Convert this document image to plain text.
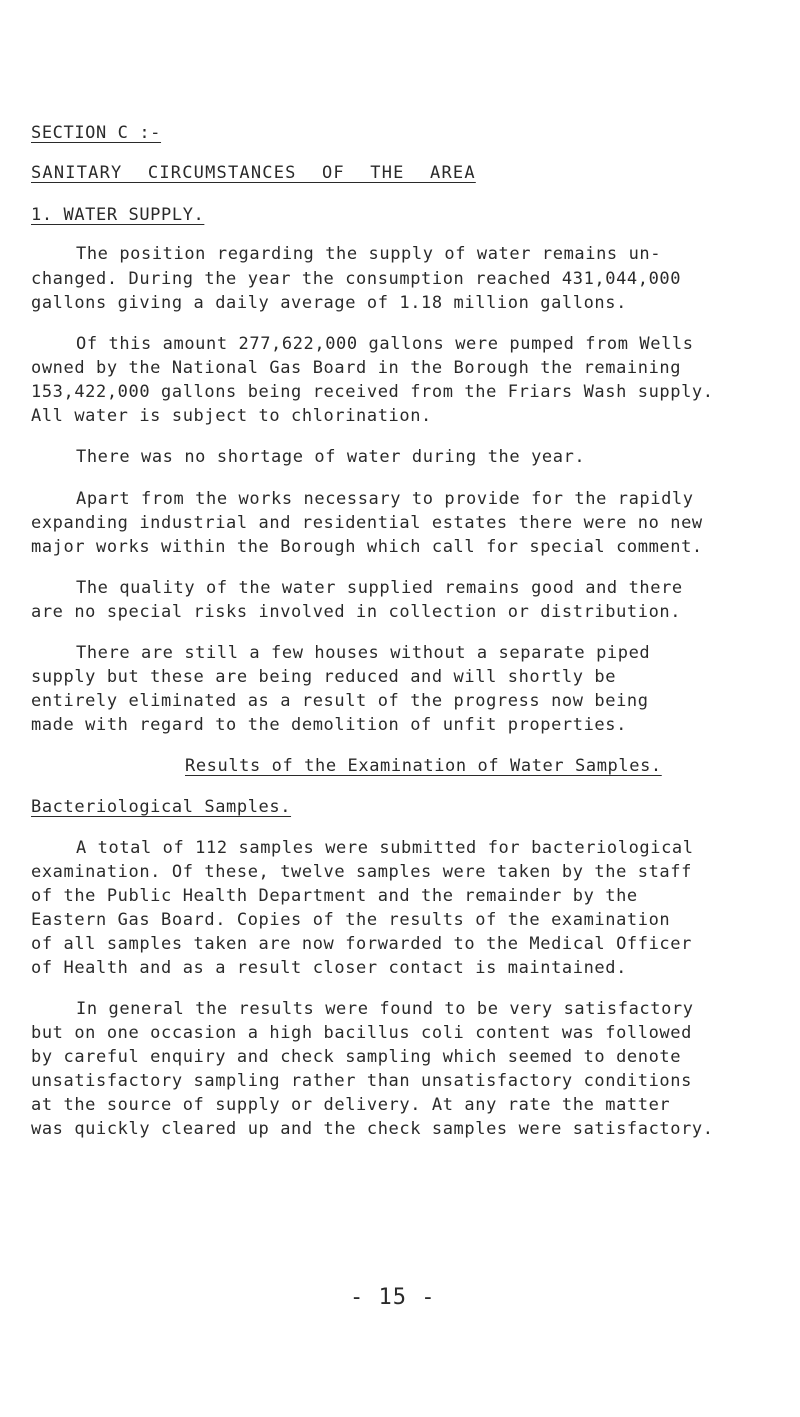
SECTION C :-
SANITARY CIRCUMSTANCES OF THE AREA
1. WATER SUPPLY.
The position regarding the supply of water remains un-
changed. During the year the consumption reached 431,044,000
gallons giving a daily average of 1.18 million gallons.
Of this amount 277,622,000 gallons were pumped from Wells
owned by the National Gas Board in the Borough the remaining
153,422,000 gallons being received from the Friars Wash supply.
All water is subject to chlorination.
There was no shortage of water during the year.
Apart from the works necessary to provide for the rapidly
expanding industrial and residential estates there were no new
major works within the Borough which call for special comment.
The quality of the water supplied remains good and there
are no special risks involved in collection or distribution.
There are still a few houses without a separate piped
supply but these are being reduced and will shortly be
entirely eliminated as a result of the progress now being
made with regard to the demolition of unfit properties.
Results of the Examination of Water Samples.
Bacteriological Samples.
A total of 112 samples were submitted for bacteriological
examination. Of these, twelve samples were taken by the staff
of the Public Health Department and the remainder by the
Eastern Gas Board. Copies of the results of the examination
of all samples taken are now forwarded to the Medical Officer
of Health and as a result closer contact is maintained.
In general the results were found to be very satisfactory
but on one occasion a high bacillus coli content was followed
by careful enquiry and check sampling which seemed to denote
unsatisfactory sampling rather than unsatisfactory conditions
at the source of supply or delivery. At any rate the matter
was quickly cleared up and the check samples were satisfactory.
- 15 -
